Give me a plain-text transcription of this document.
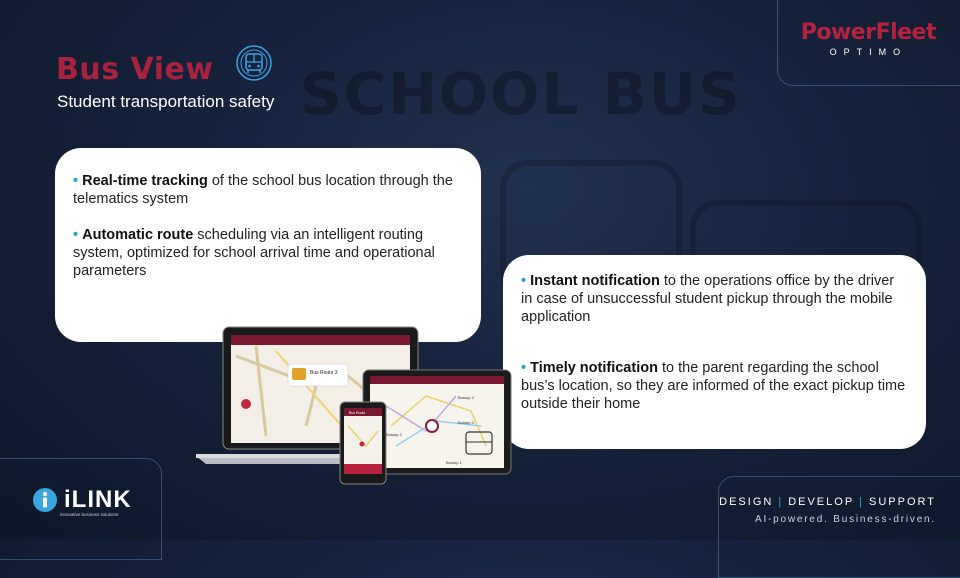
SCHOOL BUS
Bus View
Student transportation safety
PowerFleet
OPTIMO

• Real-time tracking of the school bus location through the telematics system

• Automatic route scheduling via an intelligent routing system, optimized for school arrival time and operational parameters

• Instant notification to the operations office by the driver in case of unsuccessful student pickup through the mobile application

• Timely notification to the parent regarding the school bus’s location, so they are informed of the exact pickup time outside their home

Bus Route 3
Bustop 4
Bustop 3
Bustop 2
Bustop 1
Bus Route
iLINK
innovative business solutions
DESIGN | DEVELOP | SUPPORT
AI-powered. Business-driven.
